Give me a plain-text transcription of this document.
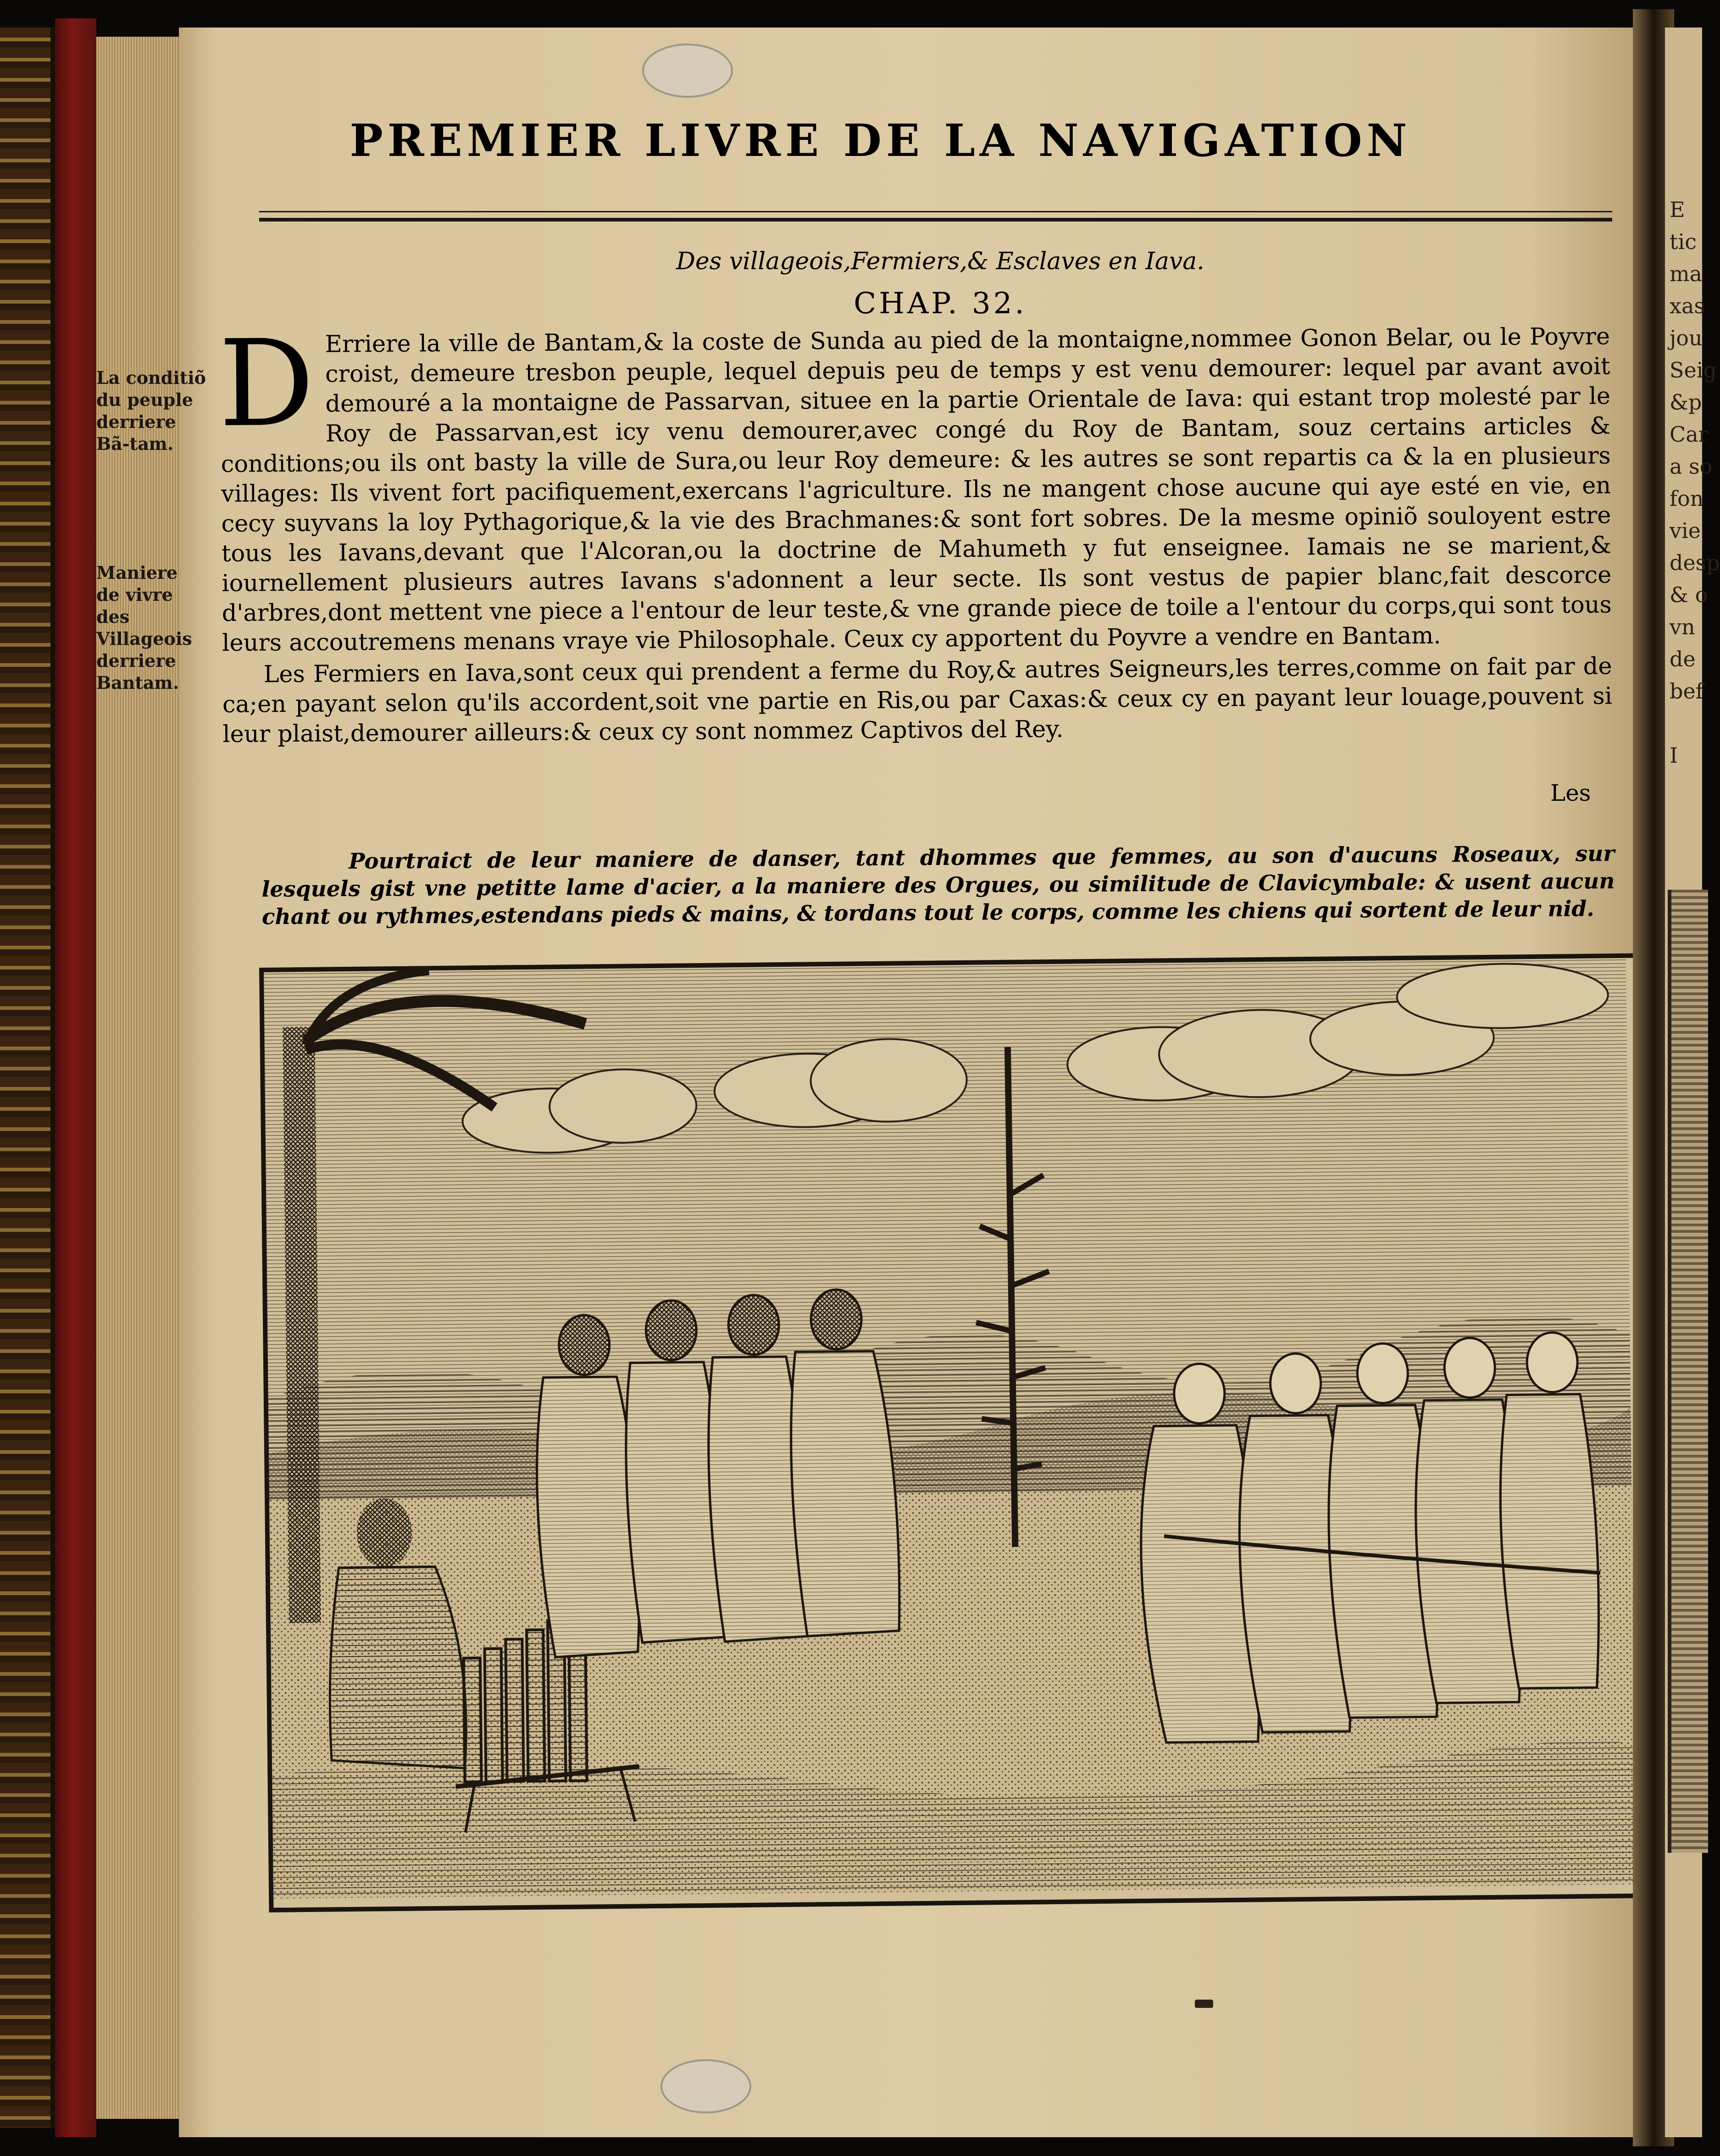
PREMIER LIVRE DE LA NAVIGATION
Des villageois,Fermiers,& Esclaves en Iava.
CHAP. 32.
La conditiõ du peuple derriere Bã-tam.
Maniere de vivre des Villageois derriere Bantam.
D Erriere la ville de Bantam,& la coste de Sunda au pied de la montaigne,nommee Gonon Belar, ou le Poyvre croist, demeure tresbon peuple, lequel depuis peu de temps y est venu demourer: lequel par avant avoit demouré a la montaigne de Passarvan, situee en la partie Orientale de Iava: qui estant trop molesté par le Roy de Passarvan,est icy venu demourer,avec congé du Roy de Bantam, souz certains articles & conditions;ou ils ont basty la ville de Sura,ou leur Roy demeure: & les autres se sont repartis ca & la en plusieurs villages: Ils vivent fort pacifiquement,exercans l'agriculture. Ils ne mangent chose aucune qui aye esté en vie, en cecy suyvans la loy Pythagorique,& la vie des Brachmanes:& sont fort sobres. De la mesme opiniõ souloyent estre tous les Iavans,devant que l'Alcoran,ou la doctrine de Mahumeth y fut enseignee. Iamais ne se marient,& iournellement plusieurs autres Iavans s'adonnent a leur secte. Ils sont vestus de papier blanc,fait descorce d'arbres,dont mettent vne piece a l'entour de leur teste,& vne grande piece de toile a l'entour du corps,qui sont tous leurs accoutremens menans vraye vie Philosophale. Ceux cy apportent du Poyvre a vendre en Bantam.

Les Fermiers en Iava,sont ceux qui prendent a ferme du Roy,& autres Seigneurs,les terres,comme on fait par de ca;en payant selon qu'ils accordent,soit vne partie en Ris,ou par Caxas:& ceux cy en payant leur louage,pouvent si leur plaist,demourer ailleurs:& ceux cy sont nommez Captivos del Rey.

Les
Pourtraict de leur maniere de danser, tant dhommes que femmes, au son d'aucuns Roseaux, sur lesquels gist vne petitte lame d'acier, a la maniere des Orgues, ou similitude de Clavicymbale: & usent aucun chant ou rythmes,estendans pieds & mains, & tordans tout le corps, comme les chiens qui sortent de leur nid.
E
tic
ma
xas
jou
Seig
&p
Car
a so
fon
vie
desp
& o
vn
de
bef
I
